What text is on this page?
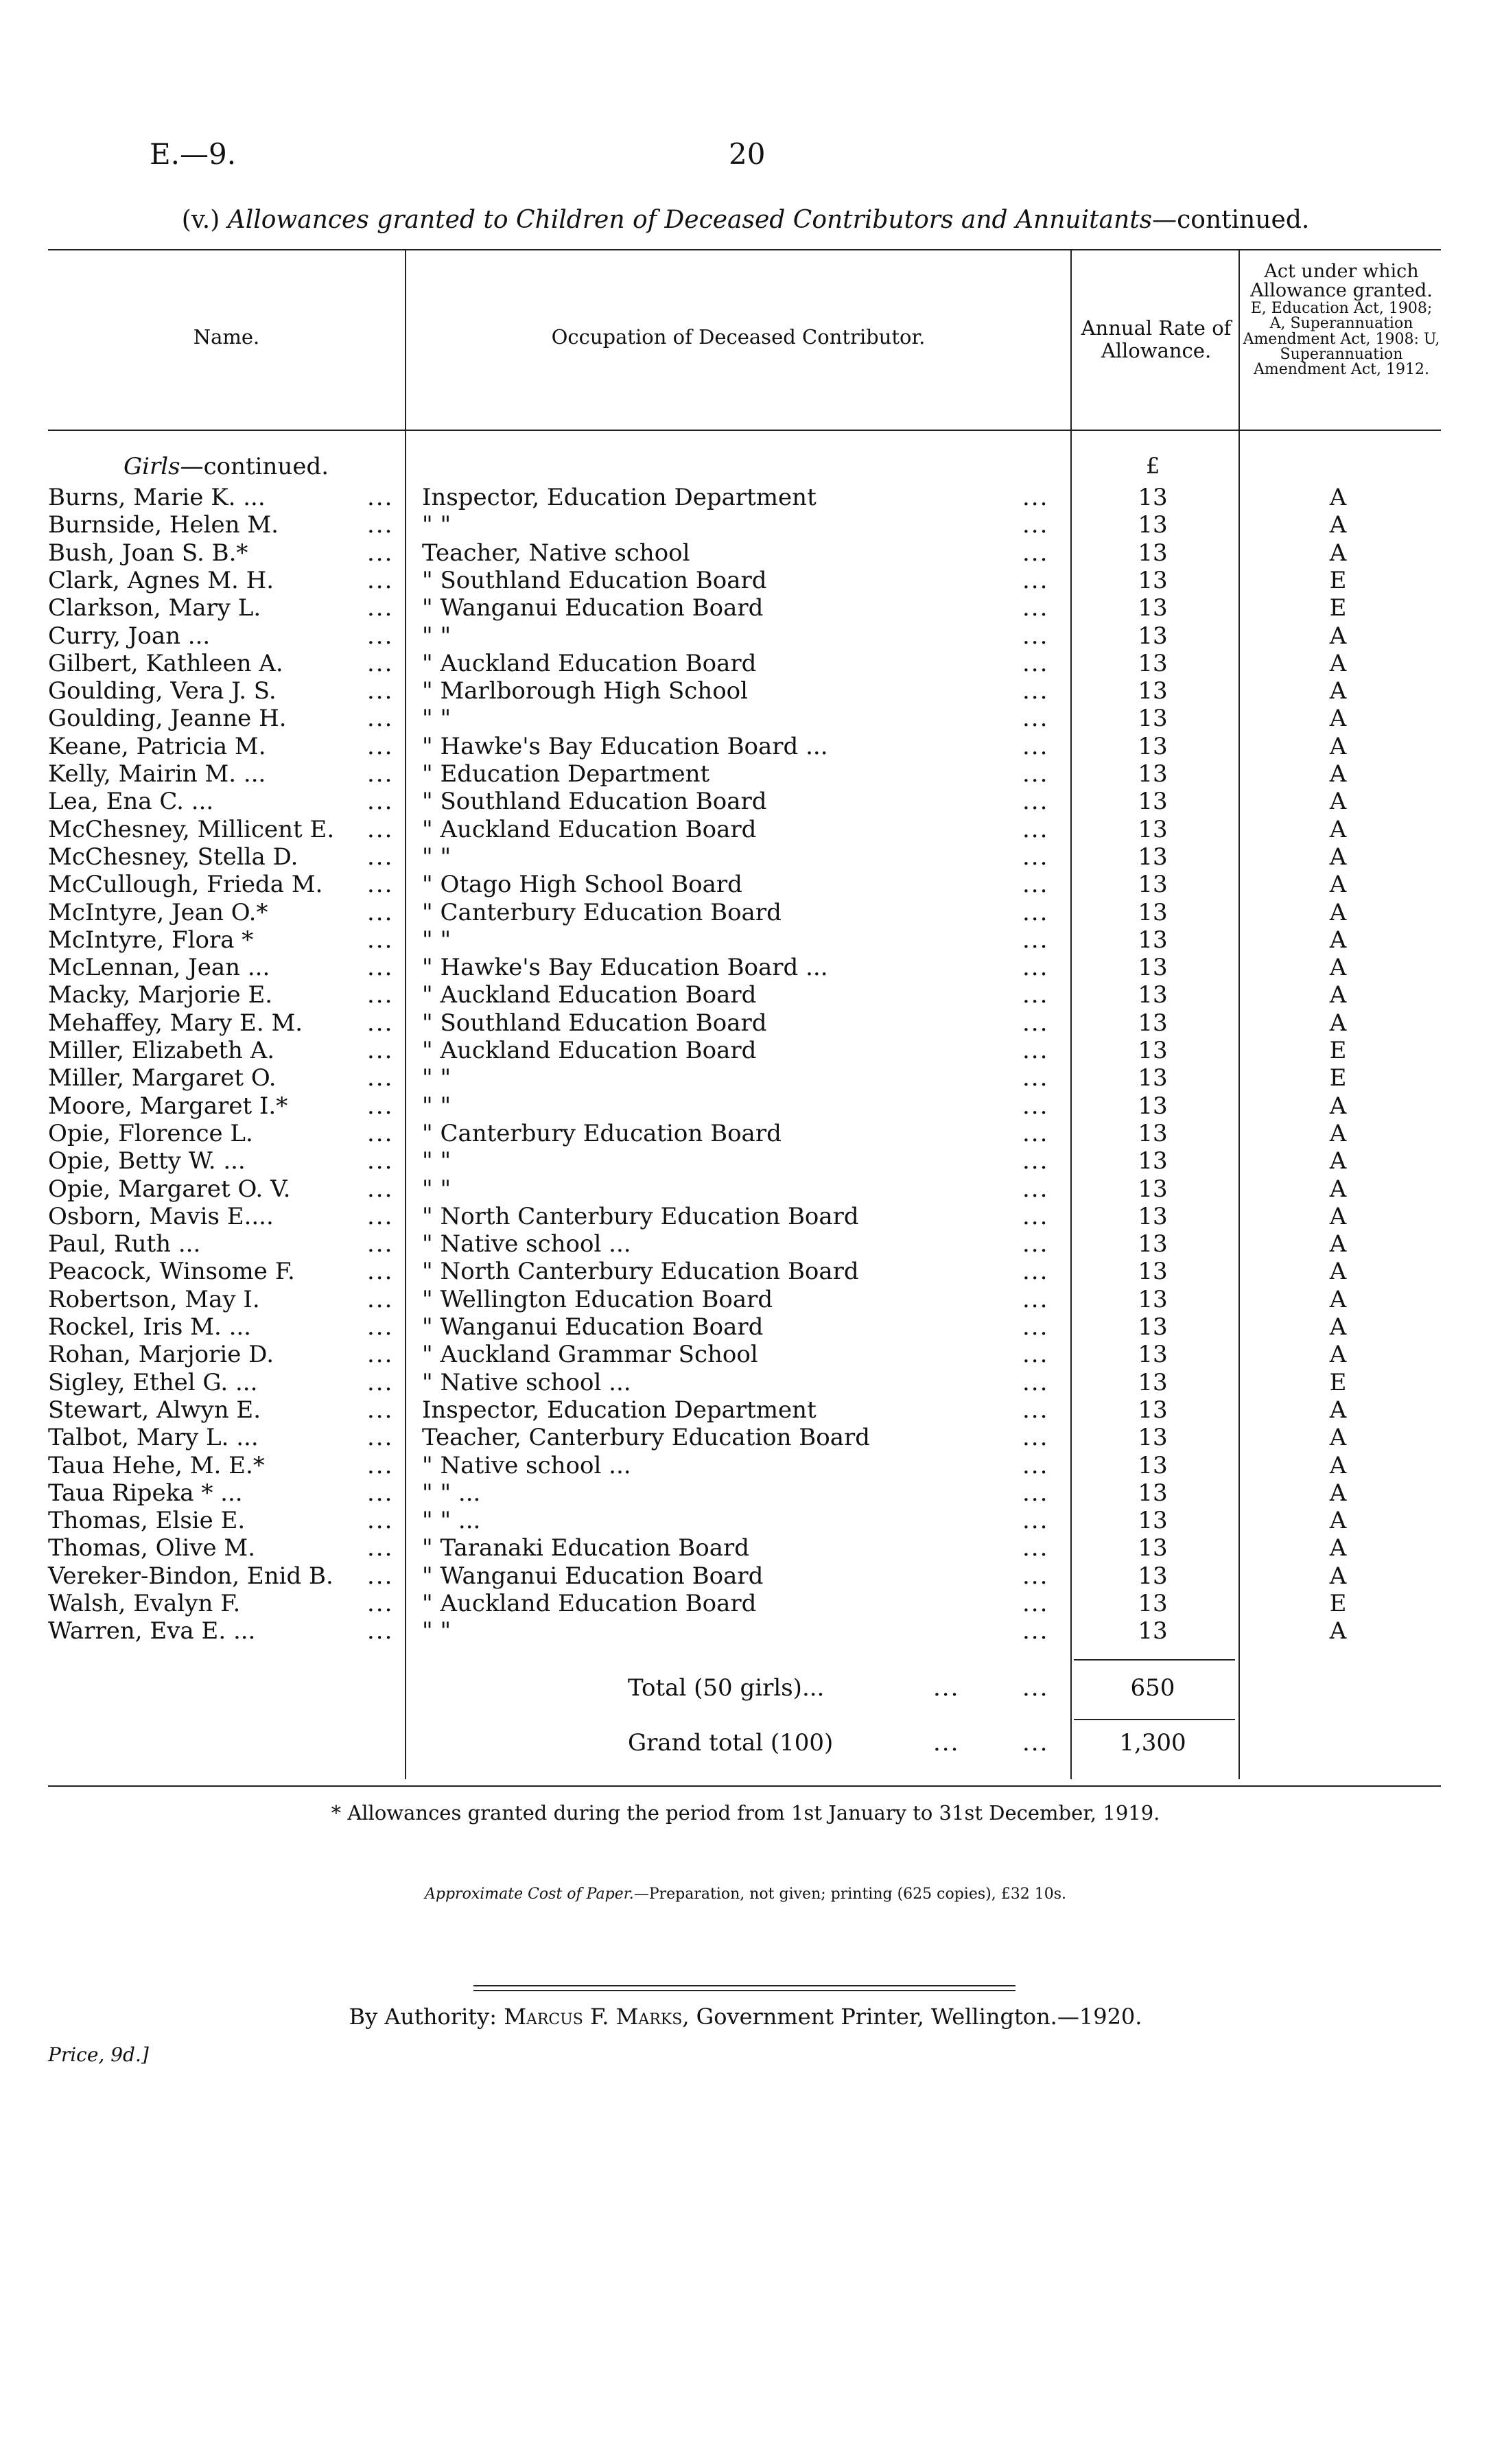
E.—9.	20
(v.) Allowances granted to Children of Deceased Contributors and Annuitants—continued.
Name.	Occupation of Deceased Contributor.	Annual Rate of Allowance.
Act under which Allowance granted.
E, Education Act, 1908; A, Superannuation Amendment Act, 1908: U, Superannuation Amendment Act, 1912.
Girls—continued.	£
Burns, Marie K. ...	... Inspector, Education Department	...	13	A
Burnside, Helen M.	... " "	...	13	A
Bush, Joan S. B.*	... Teacher, Native school	...	13	A
Clark, Agnes M. H.	... " Southland Education Board	...	13	E
Clarkson, Mary L.	... " Wanganui Education Board	...	13	E
Curry, Joan ...	... " "	...	13	A
Gilbert, Kathleen A.	... " Auckland Education Board	...	13	A
Goulding, Vera J. S.	... " Marlborough High School	...	13	A
Goulding, Jeanne H.	... " "	...	13	A
Keane, Patricia M.	... " Hawke's Bay Education Board ...	...	13	A
Kelly, Mairin M. ...	... " Education Department	...	13	A
Lea, Ena C. ...	... " Southland Education Board	...	13	A
McChesney, Millicent E. ... " Auckland Education Board	...	13	A
McChesney, Stella D.	... " "	...	13	A
McCullough, Frieda M. ... " Otago High School Board	...	13	A
McIntyre, Jean O.*	... " Canterbury Education Board	...	13	A
McIntyre, Flora *	... " "	...	13	A
McLennan, Jean ...	... " Hawke's Bay Education Board ...	...	13	A
Macky, Marjorie E.	... " Auckland Education Board	...	13	A
Mehaffey, Mary E. M.	... " Southland Education Board	...	13	A
Miller, Elizabeth A.	... " Auckland Education Board	...	13	E
Miller, Margaret O.	... " "	...	13	E
Moore, Margaret I.*	... " "	...	13	A
Opie, Florence L.	... " Canterbury Education Board	...	13	A
Opie, Betty W. ...	... " "	...	13	A
Opie, Margaret O. V.	... " "	...	13	A
Osborn, Mavis E....	... " North Canterbury Education Board	...	13	A
Paul, Ruth ...	... " Native school ...	...	13	A
Peacock, Winsome F.	... " North Canterbury Education Board	...	13	A
Robertson, May I.	... " Wellington Education Board	...	13	A
Rockel, Iris M. ...	... " Wanganui Education Board	...	13	A
Rohan, Marjorie D.	... " Auckland Grammar School	...	13	A
Sigley, Ethel G. ...	... " Native school ...	...	13	E
Stewart, Alwyn E.	... Inspector, Education Department	...	13	A
Talbot, Mary L. ...	... Teacher, Canterbury Education Board	...	13	A
Taua Hehe, M. E.*	... " Native school ...	...	13	A
Taua Ripeka * ...	... " " ...	...	13	A
Thomas, Elsie E.	... " " ...	...	13	A
Thomas, Olive M.	... " Taranaki Education Board	...	13	A
Vereker-Bindon, Enid B. ... " Wanganui Education Board	...	13	A
Walsh, Evalyn F.	... " Auckland Education Board	...	13	E
Warren, Eva E. ...	... " "	...	13	A
Total (50 girls)...	...	...	650
Grand total (100)	...	...	1,300
* Allowances granted during the period from 1st January to 31st December, 1919.
Approximate Cost of Paper.—Preparation, not given; printing (625 copies), £32 10s.
By Authority: Marcus F. Marks, Government Printer, Wellington.—1920.
Price, 9d.]
